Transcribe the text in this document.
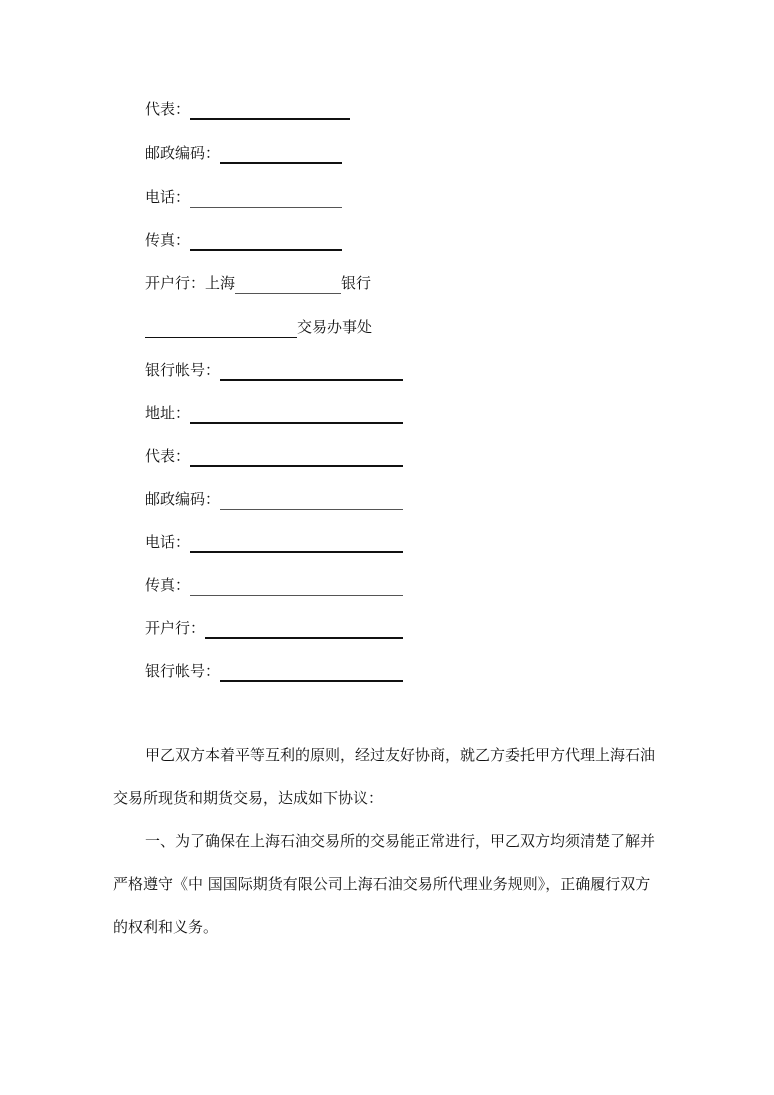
代表：
邮政编码：
电话：
传真：
开户行：上海	银行
交易办事处
银行帐号：
地址：
代表：
邮政编码：
电话：
传真：
开户行：
银行帐号：
甲乙双方本着平等互利的原则，经过友好协商，就乙方委托甲方代理上海石油
交易所现货和期货交易，达成如下协议：
一、为了确保在上海石油交易所的交易能正常进行，甲乙双方均须清楚了解并
严格遵守《中 国国际期货有限公司上海石油交易所代理业务规则》，正确履行双方
的权利和义务。
